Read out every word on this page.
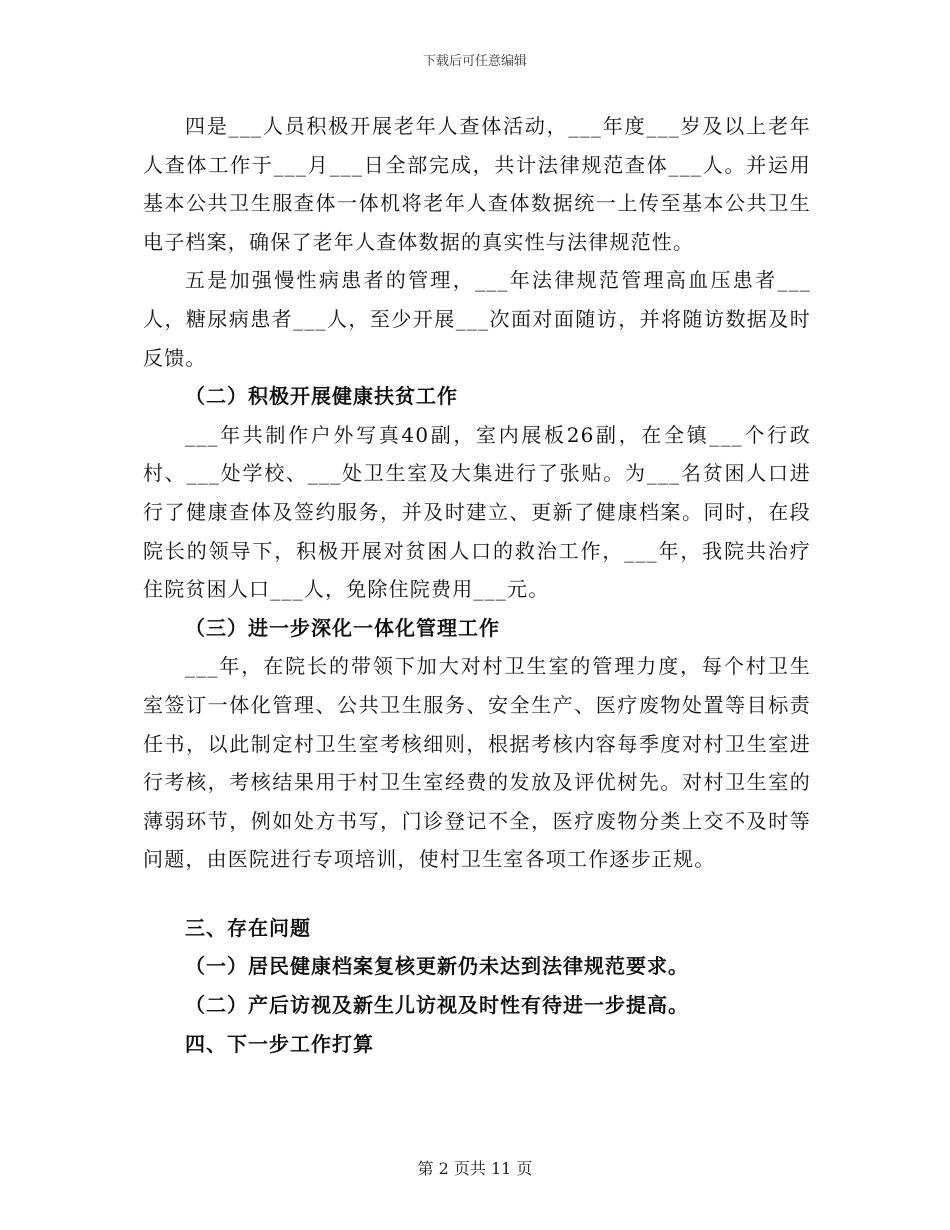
下载后可任意编辑

四是___人员积极开展老年人查体活动，___年度___岁及以上老年人查体工作于___月___日全部完成，共计法律规范查体___人。并运用基本公共卫生服查体一体机将老年人查体数据统一上传至基本公共卫生电子档案，确保了老年人查体数据的真实性与法律规范性。

五是加强慢性病患者的管理，___年法律规范管理高血压患者___人，糖尿病患者___人，至少开展___次面对面随访，并将随访数据及时反馈。

（二）积极开展健康扶贫工作

___年共制作户外写真40副，室内展板26副，在全镇___个行政村、___处学校、___处卫生室及大集进行了张贴。为___名贫困人口进行了健康查体及签约服务，并及时建立、更新了健康档案。同时，在段院长的领导下，积极开展对贫困人口的救治工作，___年，我院共治疗住院贫困人口___人，免除住院费用___元。

（三）进一步深化一体化管理工作

___年，在院长的带领下加大对村卫生室的管理力度，每个村卫生室签订一体化管理、公共卫生服务、安全生产、医疗废物处置等目标责任书，以此制定村卫生室考核细则，根据考核内容每季度对村卫生室进行考核，考核结果用于村卫生室经费的发放及评优树先。对村卫生室的薄弱环节，例如处方书写，门诊登记不全，医疗废物分类上交不及时等问题，由医院进行专项培训，使村卫生室各项工作逐步正规。

三、存在问题

（一）居民健康档案复核更新仍未达到法律规范要求。

（二）产后访视及新生儿访视及时性有待进一步提高。

四、下一步工作打算

第 2 页共 11 页
